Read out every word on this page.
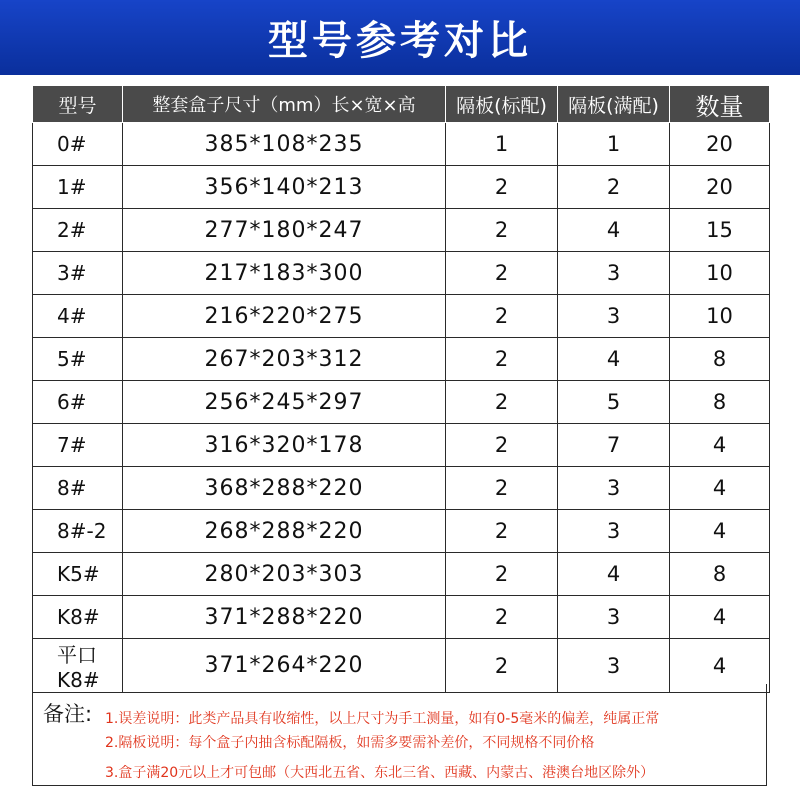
型号参考对比
型号	整套盒子尺寸（mm）长×宽×高	隔板(标配)	隔板(满配)	数量
0#	385*108*235	1	1	20
1#	356*140*213	2	2	20
2#	277*180*247	2	4	15
3#	217*183*300	2	3	10
4#	216*220*275	2	3	10
5#	267*203*312	2	4	8
6#	256*245*297	2	5	8
7#	316*320*178	2	7	4
8#	368*288*220	2	3	4
8#-2	268*288*220	2	3	4
K5#	280*203*303	2	4	8
K8#	371*288*220	2	3	4
平口K8#	371*264*220	2	3	4
备注: 1.误差说明：此类产品具有收缩性，以上尺寸为手工测量，如有0-5毫米的偏差，纯属正常
2.隔板说明：每个盒子内抽含标配隔板，如需多要需补差价，不同规格不同价格
3.盒子满20元以上才可包邮（大西北五省、东北三省、西藏、内蒙古、港澳台地区除外）
